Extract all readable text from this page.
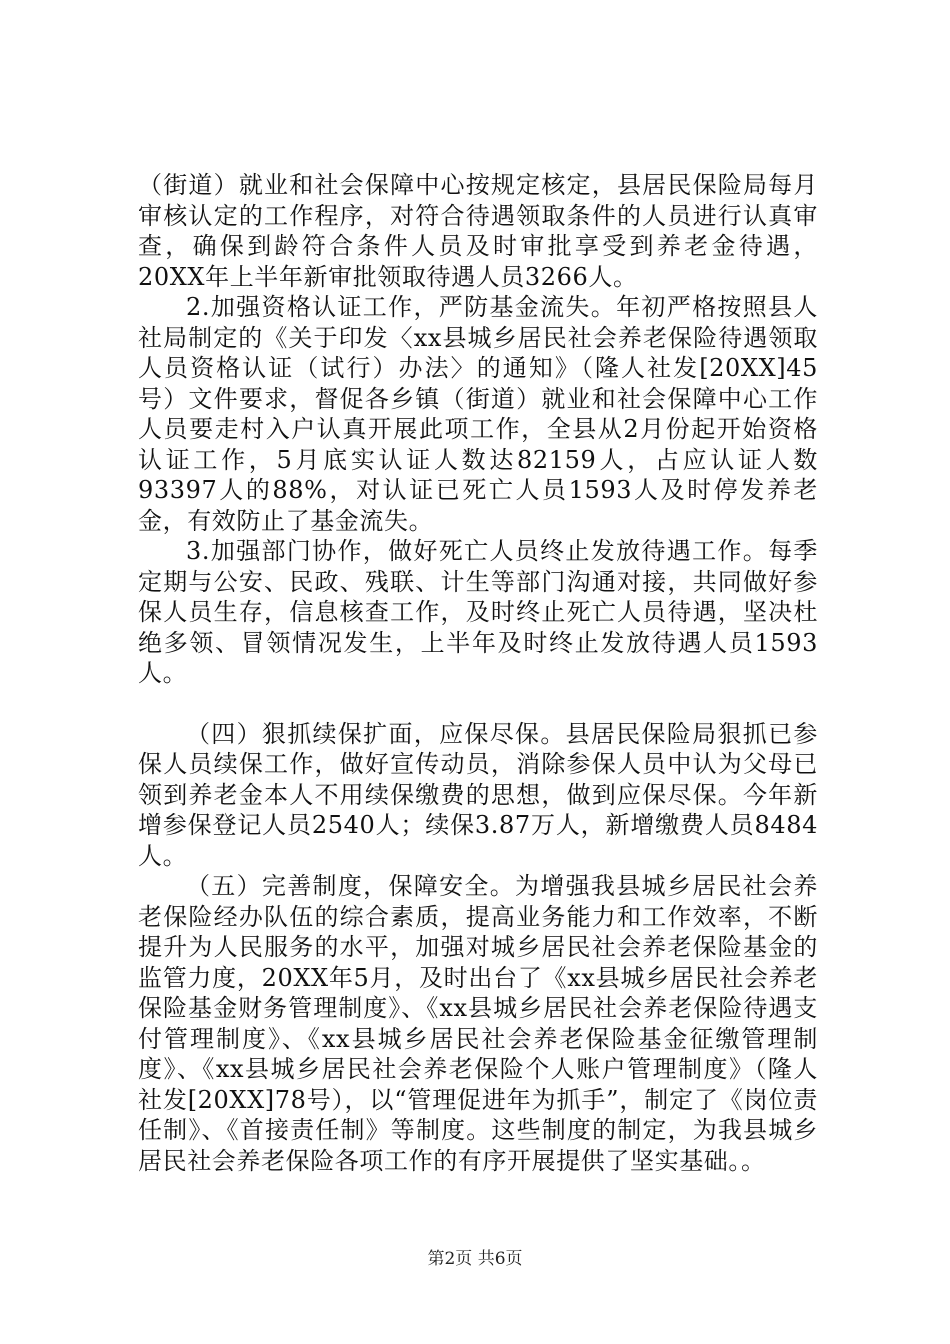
（街道）就业和社会保障中心按规定核定，县居民保险局每月审核认定的工作程序，对符合待遇领取条件的人员进行认真审查，确保到龄符合条件人员及时审批享受到养老金待遇，20XX年上半年新审批领取待遇人员3266人。

2.加强资格认证工作，严防基金流失。年初严格按照县人社局制定的《关于印发〈xx县城乡居民社会养老保险待遇领取人员资格认证（试行）办法〉的通知》（隆人社发[20XX]45号）文件要求，督促各乡镇（街道）就业和社会保障中心工作人员要走村入户认真开展此项工作，全县从2月份起开始资格认证工作，5月底实认证人数达82159人，占应认证人数93397人的88%，对认证已死亡人员1593人及时停发养老金，有效防止了基金流失。

3.加强部门协作，做好死亡人员终止发放待遇工作。每季定期与公安、民政、残联、计生等部门沟通对接，共同做好参保人员生存，信息核查工作，及时终止死亡人员待遇，坚决杜绝多领、冒领情况发生，上半年及时终止发放待遇人员1593人。

（四）狠抓续保扩面，应保尽保。县居民保险局狠抓已参保人员续保工作，做好宣传动员，消除参保人员中认为父母已领到养老金本人不用续保缴费的思想，做到应保尽保。今年新增参保登记人员2540人；续保3.87万人，新增缴费人员8484人。

（五）完善制度，保障安全。为增强我县城乡居民社会养老保险经办队伍的综合素质，提高业务能力和工作效率，不断提升为人民服务的水平，加强对城乡居民社会养老保险基金的监管力度，20XX年5月，及时出台了《xx县城乡居民社会养老保险基金财务管理制度》、《xx县城乡居民社会养老保险待遇支付管理制度》、《xx县城乡居民社会养老保险基金征缴管理制度》、《xx县城乡居民社会养老保险个人账户管理制度》（隆人社发[20XX]78号），以“管理促进年为抓手”，制定了《岗位责任制》、《首接责任制》等制度。这些制度的制定，为我县城乡居民社会养老保险各项工作的有序开展提供了坚实基础。。

第2页 共6页
